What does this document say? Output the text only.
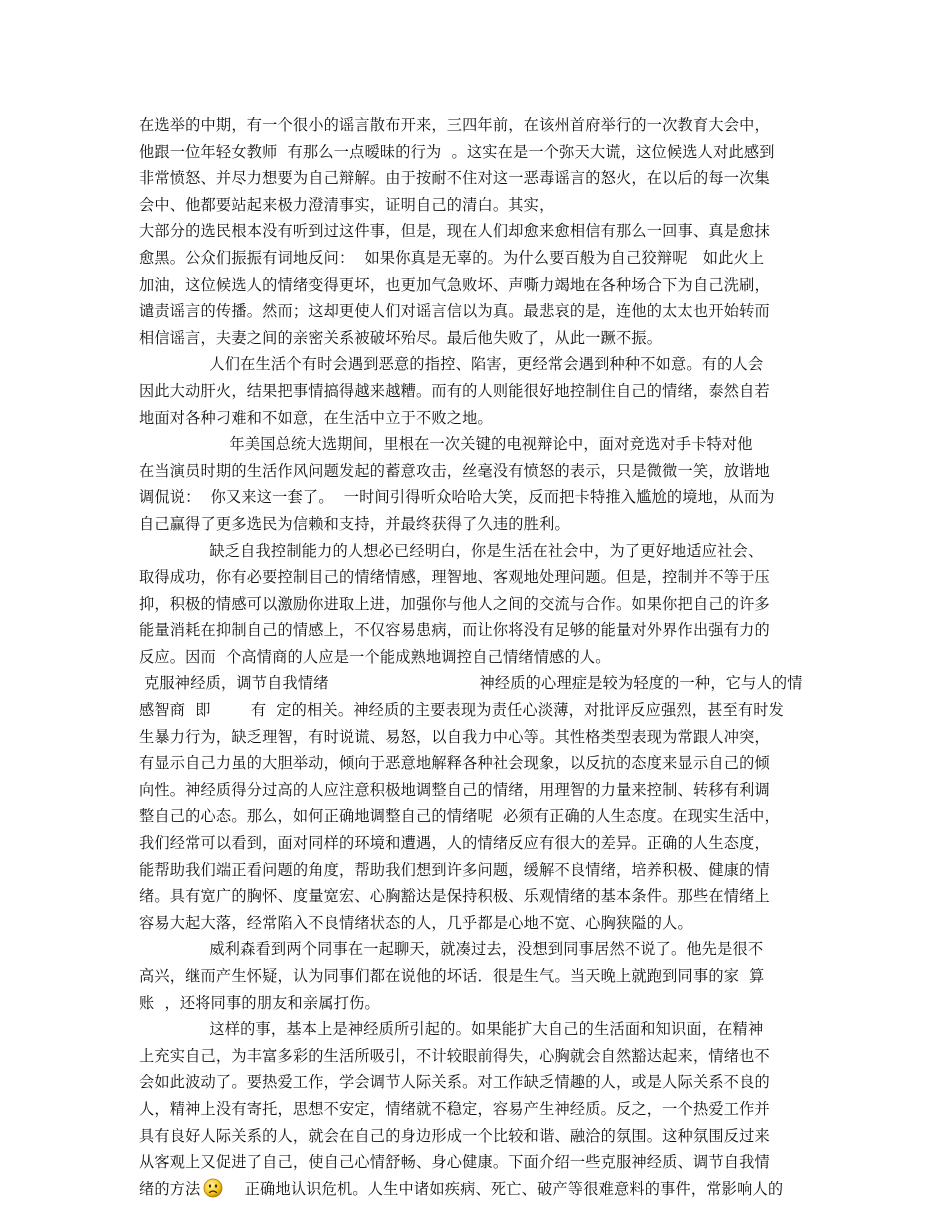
在选举的中期，有一个很小的谣言散布开来，三四年前，在该州首府举行的一次教育大会中，
他跟一位年轻女教师  有那么一点暧昧的行为  。这实在是一个弥天大谎，这位候选人对此感到
非常愤怒、并尽力想要为自己辩解。由于按耐不住对这一恶毒谣言的怒火，在以后的每一次集
会中、他都要站起来极力澄清事实，证明自己的清白。其实，
大部分的选民根本没有听到过这件事，但是，现在人们却愈来愈相信有那么一回事、真是愈抹
愈黑。公众们振振有词地反问：  如果你真是无辜的。为什么要百般为自己狡辩呢   如此火上
加油，这位候选人的情绪变得更坏，也更加气急败坏、声嘶力竭地在各种场合下为自己洗刷，
谴责谣言的传播。然而；这却更使人们对谣言信以为真。最悲哀的是，连他的太太也开始转而
相信谣言，夫妻之间的亲密关系被破坏殆尽。最后他失败了，从此一蹶不振。
人们在生活个有时会遇到恶意的指控、陷害，更经常会遇到种种不如意。有的人会
因此大动肝火，结果把事情搞得越来越糟。而有的人则能很好地控制住自己的情绪，泰然自若
地面对各种刁难和不如意，在生活中立于不败之地。
年美国总统大选期间，里根在一次关键的电视辩论中，面对竞选对手卡特对他
在当演员时期的生活作风问题发起的蓄意攻击，丝毫没有愤怒的表示，只是微微一笑，放谐地
调侃说：  你又来这一套了。  一时间引得听众哈哈大笑，反而把卡特推入尴尬的境地，从而为
自己赢得了更多选民为信赖和支持，并最终获得了久违的胜利。
缺乏自我控制能力的人想必已经明白，你是生活在社会中，为了更好地适应社会、
取得成功，你有必要控制目己的情绪情感，理智地、客观地处理问题。但是，控制并不等于压
抑，积极的情感可以激励你进取上进，加强你与他人之间的交流与合作。如果你把自己的许多
能量消耗在抑制自己的情感上，不仅容易患病，而让你将没有足够的能量对外界作出强有力的
反应。因而  个高情商的人应是一个能成熟地调控自己情绪情感的人。
克服神经质，调节自我情绪                              神经质的心理症是较为轻度的一种，它与人的情
感智商  即        有  定的相关。神经质的主要表现为责任心淡薄，对批评反应强烈，甚至有时发
生暴力行为，缺乏理智，有时说谎、易怒，以自我力中心等。其性格类型表现为常跟人冲突，
有显示自己力虽的大胆举动，倾向于恶意地解释各种社会现象，以反抗的态度来显示自己的倾
向性。神经质得分过高的人应注意积极地调整自己的情绪，用理智的力量来控制、转移有利调
整自己的心态。那么，如何正确地调整自己的情绪呢  必须有正确的人生态度。在现实生活中，
我们经常可以看到，面对同样的环境和遭遇，人的情绪反应有很大的差异。正确的人生态度，
能帮助我们端正看问题的角度，帮助我们想到许多问题，缓解不良情绪，培养积极、健康的情
绪。具有宽广的胸怀、度量宽宏、心胸豁达是保持积极、乐观情绪的基本条件。那些在情绪上
容易大起大落，经常陷入不良情绪状态的人，几乎都是心地不宽、心胸狭隘的人。
威利森看到两个同事在一起聊天，就凑过去，没想到同事居然不说了。他先是很不
高兴，继而产生怀疑，认为同事们都在说他的坏话．很是生气。当天晚上就跑到同事的家  算
账  ，还将同事的朋友和亲属打伤。
这样的事，基本上是神经质所引起的。如果能扩大自己的生活面和知识面，在精神
上充实自己，为丰富多彩的生活所吸引，不计较眼前得失，心胸就会自然豁达起来，情绪也不
会如此波动了。要热爱工作，学会调节人际关系。对工作缺乏情趣的人，或是人际关系不良的
人，精神上没有寄托，思想不安定，情绪就不稳定，容易产生神经质。反之，一个热爱工作并
具有良好人际关系的人，就会在自己的身边形成一个比较和谐、融洽的氛围。这种氛围反过来
从客观上又促进了自己，使自己心情舒畅、身心健康。下面介绍一些克服神经质、调节自我情
绪的方法    正确地认识危机。人生中诸如疾病、死亡、破产等很难意料的事件，常影响人的
